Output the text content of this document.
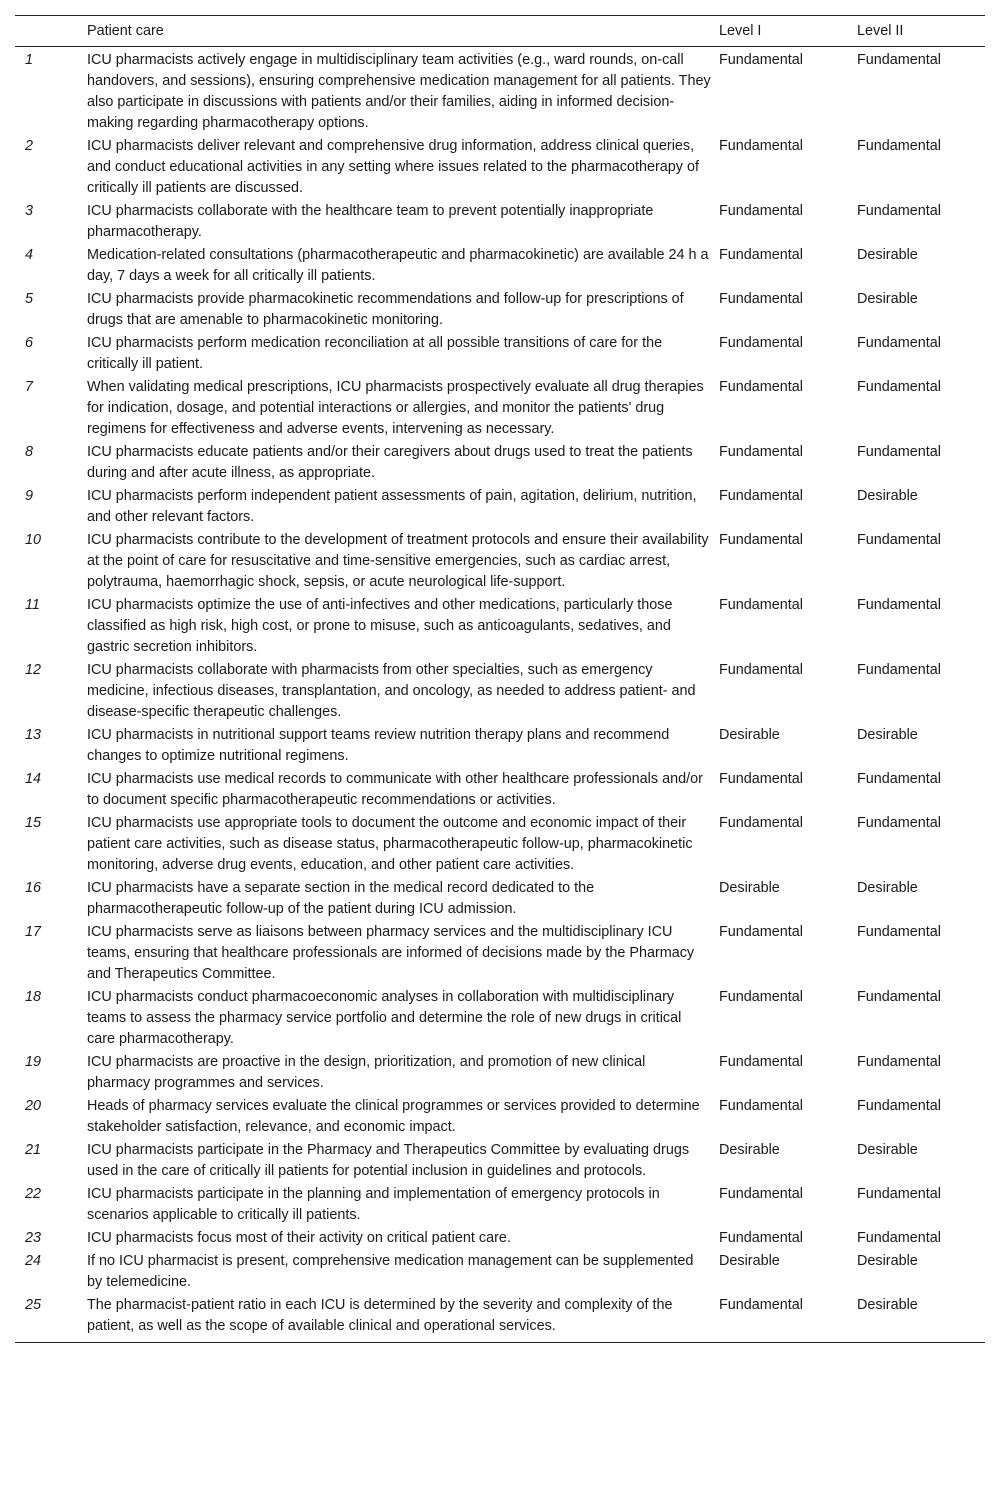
	Patient care	Level I	Level II
1	ICU pharmacists actively engage in multidisciplinary team activities (e.g., ward rounds, on-call handovers, and sessions), ensuring comprehensive medication management for all patients. They also participate in discussions with patients and/or their families, aiding in informed decision-making regarding pharmacotherapy options.	Fundamental	Fundamental
2	ICU pharmacists deliver relevant and comprehensive drug information, address clinical queries, and conduct educational activities in any setting where issues related to the pharmacotherapy of critically ill patients are discussed.	Fundamental	Fundamental
3	ICU pharmacists collaborate with the healthcare team to prevent potentially inappropriate pharmacotherapy.	Fundamental	Fundamental
4	Medication-related consultations (pharmacotherapeutic and pharmacokinetic) are available 24 h a day, 7 days a week for all critically ill patients.	Fundamental	Desirable
5	ICU pharmacists provide pharmacokinetic recommendations and follow-up for prescriptions of drugs that are amenable to pharmacokinetic monitoring.	Fundamental	Desirable
6	ICU pharmacists perform medication reconciliation at all possible transitions of care for the critically ill patient.	Fundamental	Fundamental
7	When validating medical prescriptions, ICU pharmacists prospectively evaluate all drug therapies for indication, dosage, and potential interactions or allergies, and monitor the patients' drug regimens for effectiveness and adverse events, intervening as necessary.	Fundamental	Fundamental
8	ICU pharmacists educate patients and/or their caregivers about drugs used to treat the patients during and after acute illness, as appropriate.	Fundamental	Fundamental
9	ICU pharmacists perform independent patient assessments of pain, agitation, delirium, nutrition, and other relevant factors.	Fundamental	Desirable
10	ICU pharmacists contribute to the development of treatment protocols and ensure their availability at the point of care for resuscitative and time-sensitive emergencies, such as cardiac arrest, polytrauma, haemorrhagic shock, sepsis, or acute neurological life-support.	Fundamental	Fundamental
11	ICU pharmacists optimize the use of anti-infectives and other medications, particularly those classified as high risk, high cost, or prone to misuse, such as anticoagulants, sedatives, and gastric secretion inhibitors.	Fundamental	Fundamental
12	ICU pharmacists collaborate with pharmacists from other specialties, such as emergency medicine, infectious diseases, transplantation, and oncology, as needed to address patient- and disease-specific therapeutic challenges.	Fundamental	Fundamental
13	ICU pharmacists in nutritional support teams review nutrition therapy plans and recommend changes to optimize nutritional regimens.	Desirable	Desirable
14	ICU pharmacists use medical records to communicate with other healthcare professionals and/or to document specific pharmacotherapeutic recommendations or activities.	Fundamental	Fundamental
15	ICU pharmacists use appropriate tools to document the outcome and economic impact of their patient care activities, such as disease status, pharmacotherapeutic follow-up, pharmacokinetic monitoring, adverse drug events, education, and other patient care activities.	Fundamental	Fundamental
16	ICU pharmacists have a separate section in the medical record dedicated to the pharmacotherapeutic follow-up of the patient during ICU admission.	Desirable	Desirable
17	ICU pharmacists serve as liaisons between pharmacy services and the multidisciplinary ICU teams, ensuring that healthcare professionals are informed of decisions made by the Pharmacy and Therapeutics Committee.	Fundamental	Fundamental
18	ICU pharmacists conduct pharmacoeconomic analyses in collaboration with multidisciplinary teams to assess the pharmacy service portfolio and determine the role of new drugs in critical care pharmacotherapy.	Fundamental	Fundamental
19	ICU pharmacists are proactive in the design, prioritization, and promotion of new clinical pharmacy programmes and services.	Fundamental	Fundamental
20	Heads of pharmacy services evaluate the clinical programmes or services provided to determine stakeholder satisfaction, relevance, and economic impact.	Fundamental	Fundamental
21	ICU pharmacists participate in the Pharmacy and Therapeutics Committee by evaluating drugs used in the care of critically ill patients for potential inclusion in guidelines and protocols.	Desirable	Desirable
22	ICU pharmacists participate in the planning and implementation of emergency protocols in scenarios applicable to critically ill patients.	Fundamental	Fundamental
23	ICU pharmacists focus most of their activity on critical patient care.	Fundamental	Fundamental
24	If no ICU pharmacist is present, comprehensive medication management can be supplemented by telemedicine.	Desirable	Desirable
25	The pharmacist-patient ratio in each ICU is determined by the severity and complexity of the patient, as well as the scope of available clinical and operational services.	Fundamental	Desirable
